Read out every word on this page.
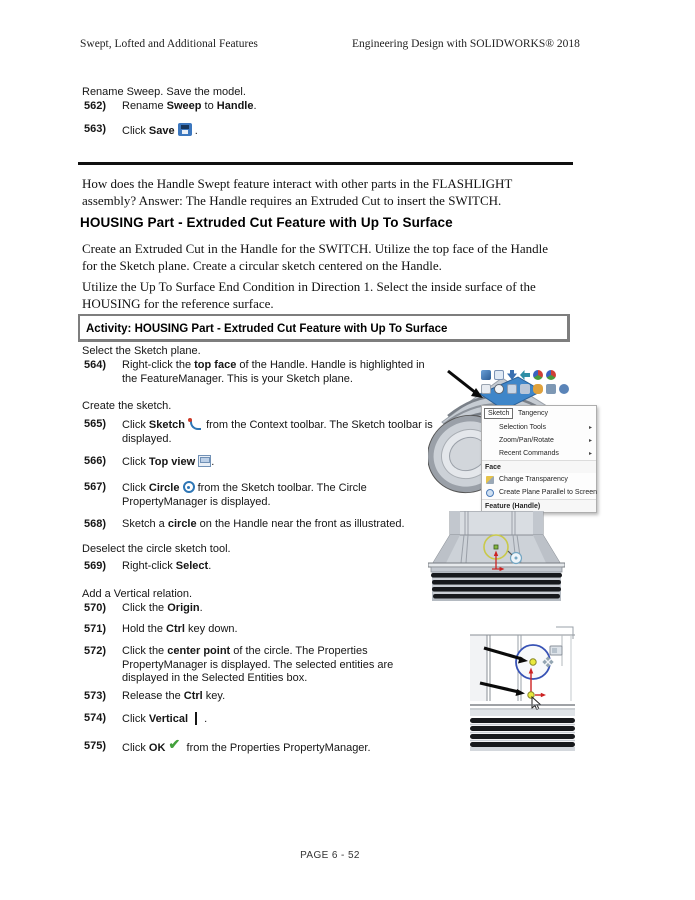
Swept, Lofted and Additional Features	Engineering Design with SOLIDWORKS® 2018
Rename Sweep. Save the model.
562) Rename Sweep to Handle.
563) Click Save  .
How does the Handle Swept feature interact with other parts in the FLASHLIGHT
assembly? Answer: The Handle requires an Extruded Cut to insert the SWITCH.
HOUSING Part - Extruded Cut Feature with Up To Surface
Create an Extruded Cut in the Handle for the SWITCH. Utilize the top face of the Handle
for the Sketch plane. Create a circular sketch centered on the Handle.
Utilize the Up To Surface End Condition in Direction 1. Select the inside surface of the
HOUSING for the reference surface.
Activity: HOUSING Part - Extruded Cut Feature with Up To Surface
Select the Sketch plane.
564) Right-click the top face of the Handle. Handle is highlighted in
the FeatureManager. This is your Sketch plane.
Create the sketch.
565) Click Sketch  from the Context toolbar. The Sketch toolbar is
displayed.
566) Click Top view .
567) Click Circle  from the Sketch toolbar. The Circle
PropertyManager is displayed.
568) Sketch a circle on the Handle near the front as illustrated.
Deselect the circle sketch tool.
569) Right-click Select.
Add a Vertical relation.
570) Click the Origin.
571) Hold the Ctrl key down.
572) Click the center point of the circle. The Properties
PropertyManager is displayed. The selected entities are
displayed in the Selected Entities box.
573) Release the Ctrl key.
574) Click Vertical  .
575) Click OK ✔ from the Properties PropertyManager.
Sketch	Tangency
Selection Tools ▸
Zoom/Pan/Rotate ▸
Recent Commands ▸
Face
Change Transparency
Create Plane Parallel to Screen
Feature (Handle)
PAGE 6 - 52
